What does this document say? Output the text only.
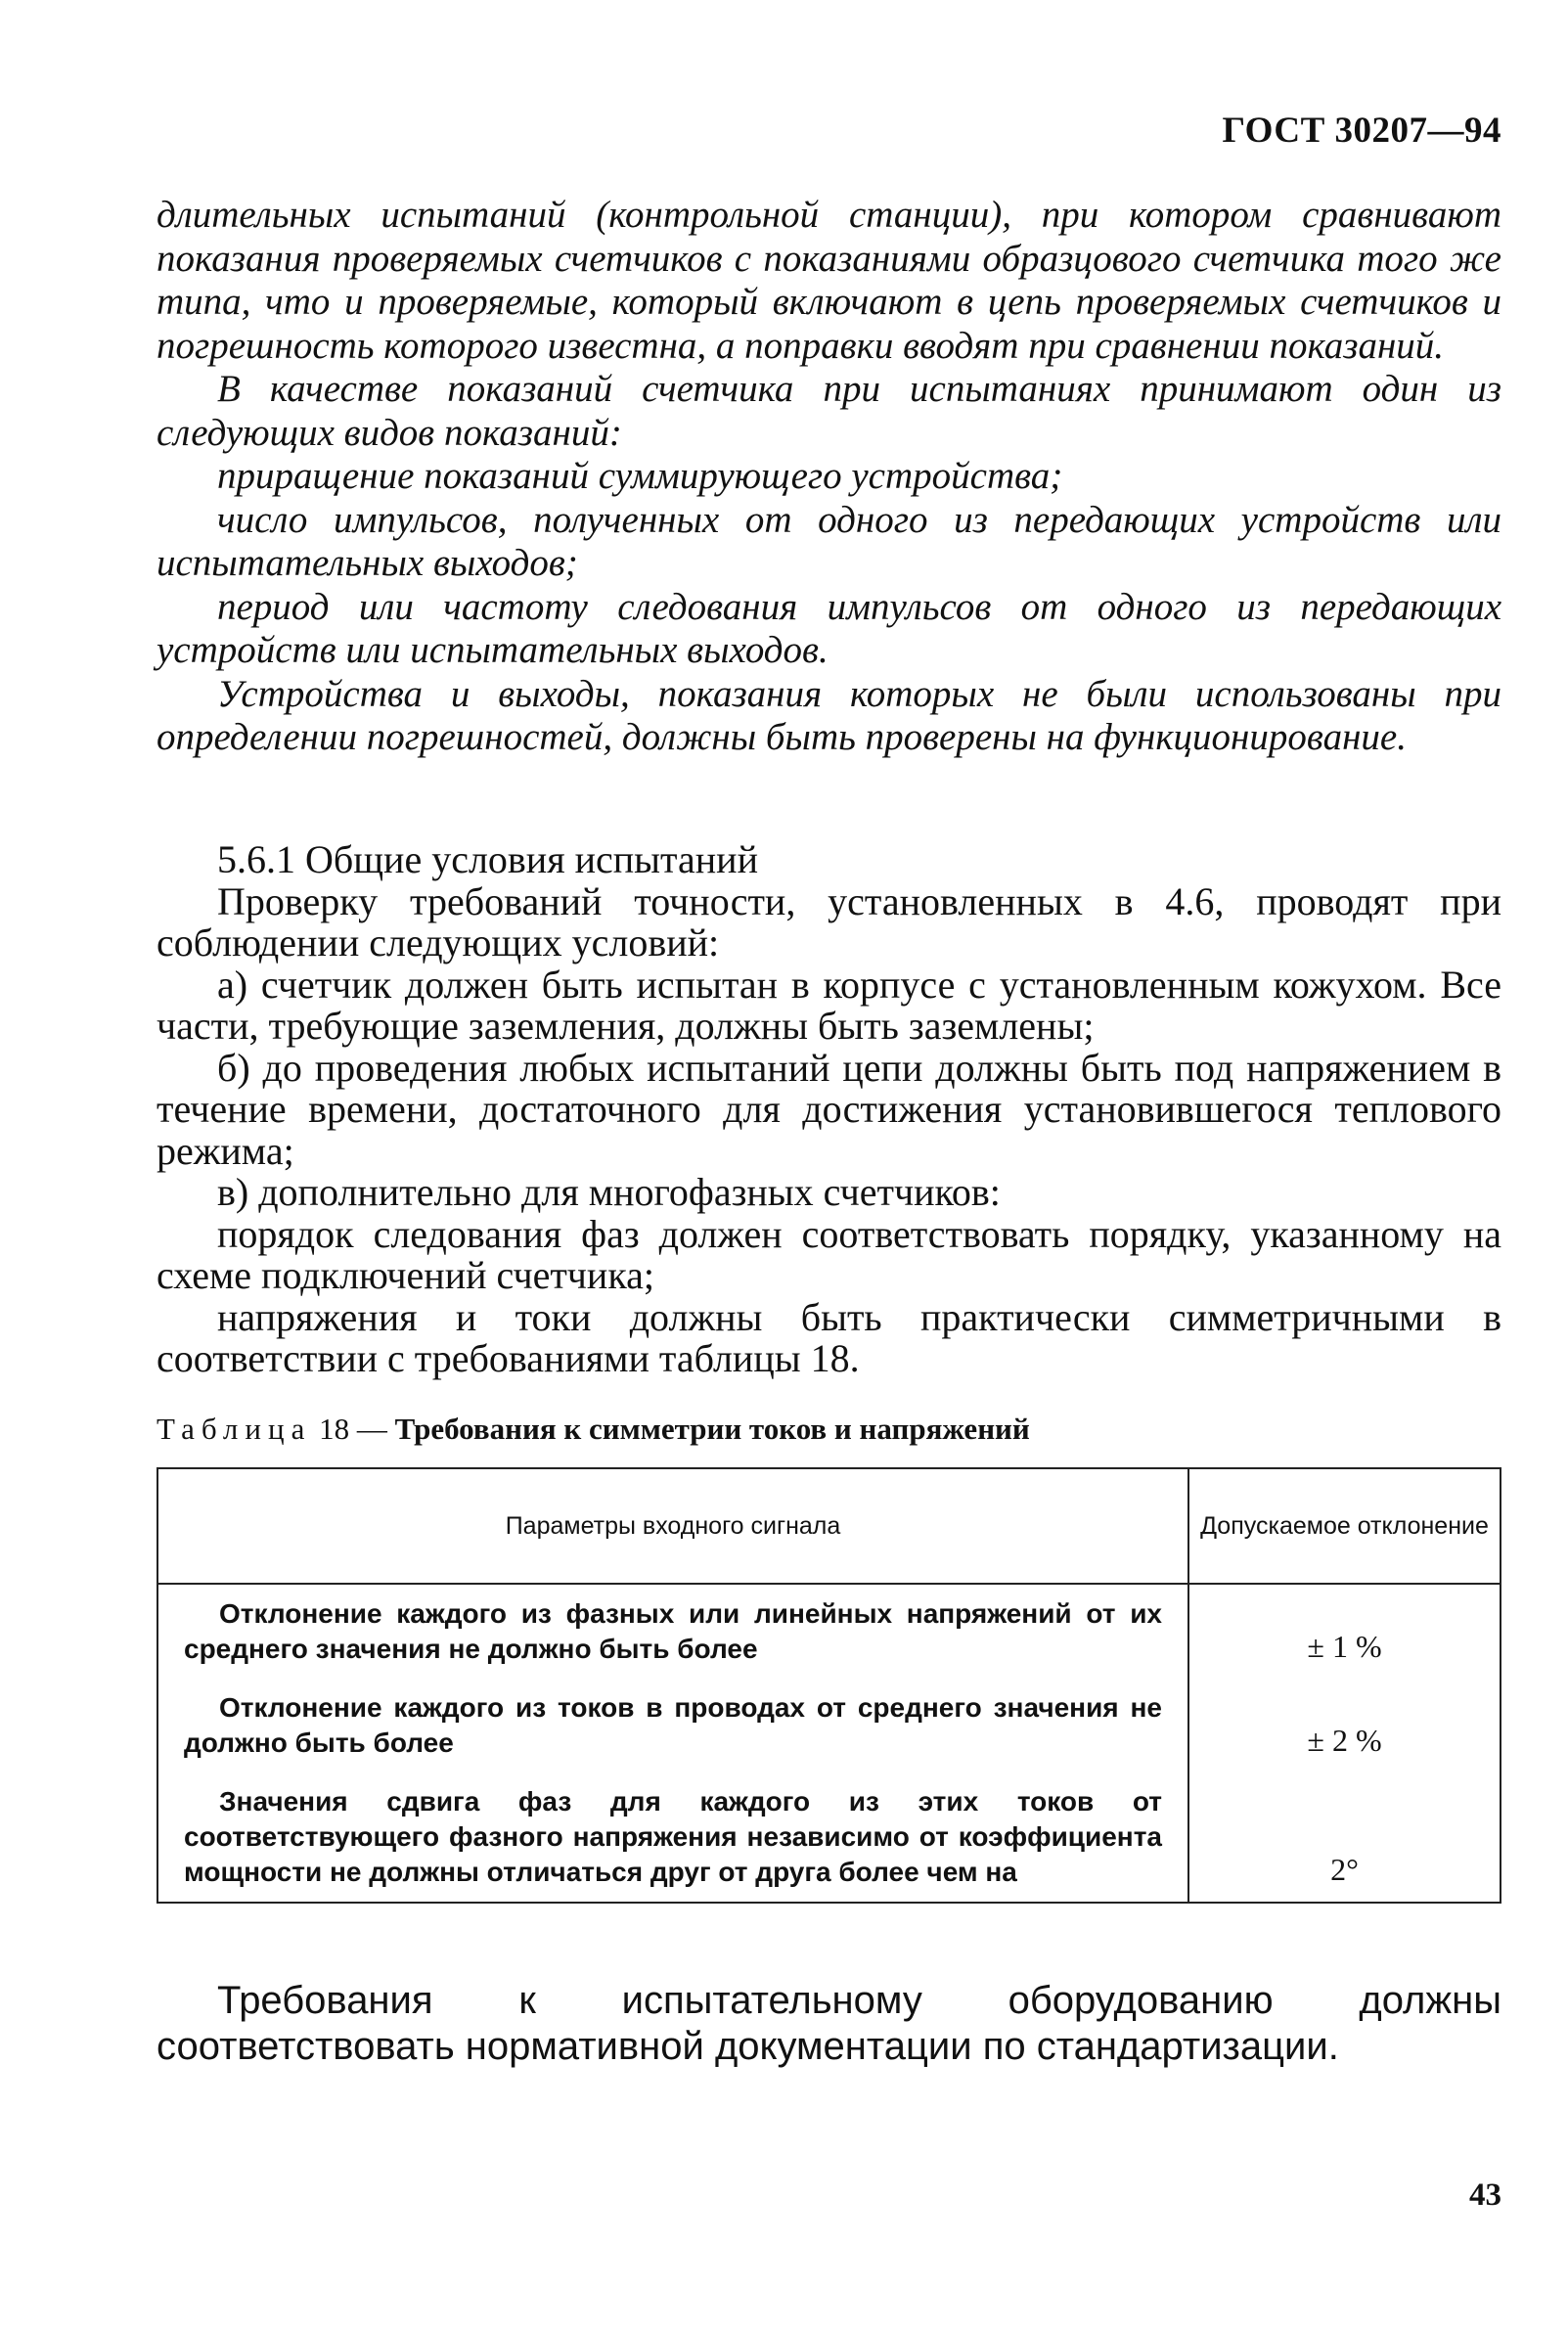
ГОСТ 30207—94

длительных испытаний (контрольной станции), при котором сравнивают показания проверяемых счетчиков с показаниями образцового счетчика того же типа, что и проверяемые, который включают в цепь проверяемых счетчиков и погрешность которого известна, а поправки вводят при сравнении показаний.

В качестве показаний счетчика при испытаниях принимают один из следующих видов показаний:

приращение показаний суммирующего устройства;

число импульсов, полученных от одного из передающих устройств или испытательных выходов;

период или частоту следования импульсов от одного из передающих устройств или испытательных выходов.

Устройства и выходы, показания которых не были использованы при определении погрешностей, должны быть проверены на функционирование.

5.6.1 Общие условия испытаний

Проверку требований точности, установленных в 4.6, проводят при соблюдении следующих условий:

а) счетчик должен быть испытан в корпусе с установленным кожухом. Все части, требующие заземления, должны быть заземлены;

б) до проведения любых испытаний цепи должны быть под напряжением в течение времени, достаточного для достижения установившегося теплового режима;

в) дополнительно для многофазных счетчиков:

порядок следования фаз должен соответствовать порядку, указанному на схеме подключений счетчика;

напряжения и токи должны быть практически симметричными в соответствии с требованиями таблицы 18.

Таблица 18 — Требования к симметрии токов и напряжений
Параметры входного сигнала	Допускаемое отклонение

Отклонение каждого из фазных или линейных напряжений от их среднего значения не должно быть более	± 1 %

Отклонение каждого из токов в проводах от среднего значения не должно быть более	± 2 %

Значения сдвига фаз для каждого из этих токов от соответствующего фазного напряжения независимо от коэффициента мощности не должны отличаться друг от друга более чем на	2°

Требования к испытательному оборудованию должны соответствовать нормативной документации по стандартизации.

43
